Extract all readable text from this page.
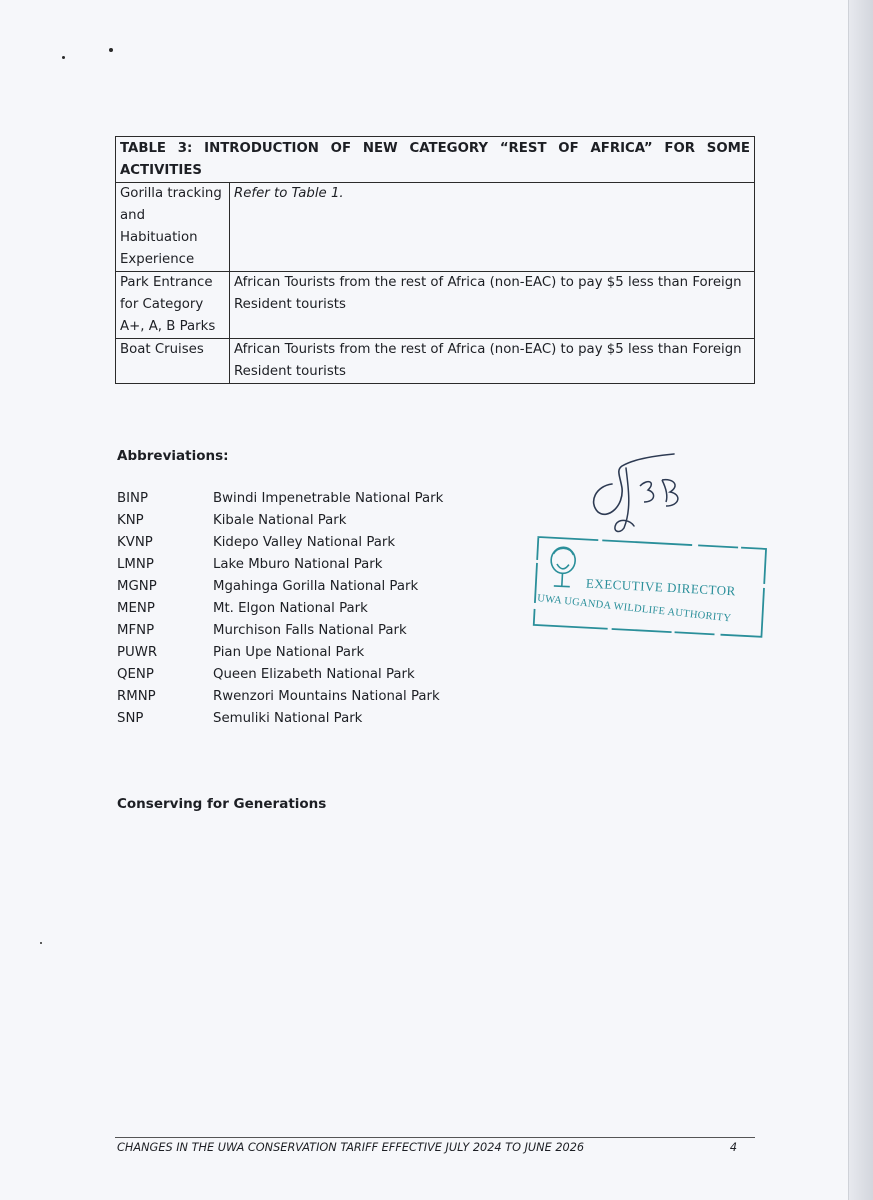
TABLE 3: INTRODUCTION OF NEW CATEGORY “REST OF AFRICA” FOR SOME ACTIVITIES	
Gorilla tracking and Habituation Experience	Refer to Table 1.
Park Entrance for Category A+, A, B Parks	African Tourists from the rest of Africa (non-EAC) to pay $5 less than Foreign Resident tourists
Boat Cruises	African Tourists from the rest of Africa (non-EAC) to pay $5 less than Foreign Resident tourists
Abbreviations:
BINP	Bwindi Impenetrable National Park
KNP	Kibale National Park
KVNP	Kidepo Valley National Park
LMNP	Lake Mburo National Park
MGNP	Mgahinga Gorilla National Park
MENP	Mt. Elgon National Park
MFNP	Murchison Falls National Park
PUWR	Pian Upe National Park
QENP	Queen Elizabeth National Park
RMNP	Rwenzori Mountains National Park
SNP	Semuliki National Park
Conserving for Generations
EXECUTIVE DIRECTOR
UWA UGANDA WILDLIFE AUTHORITY
CHANGES IN THE UWA CONSERVATION TARIFF EFFECTIVE JULY 2024 TO JUNE 2026	4
